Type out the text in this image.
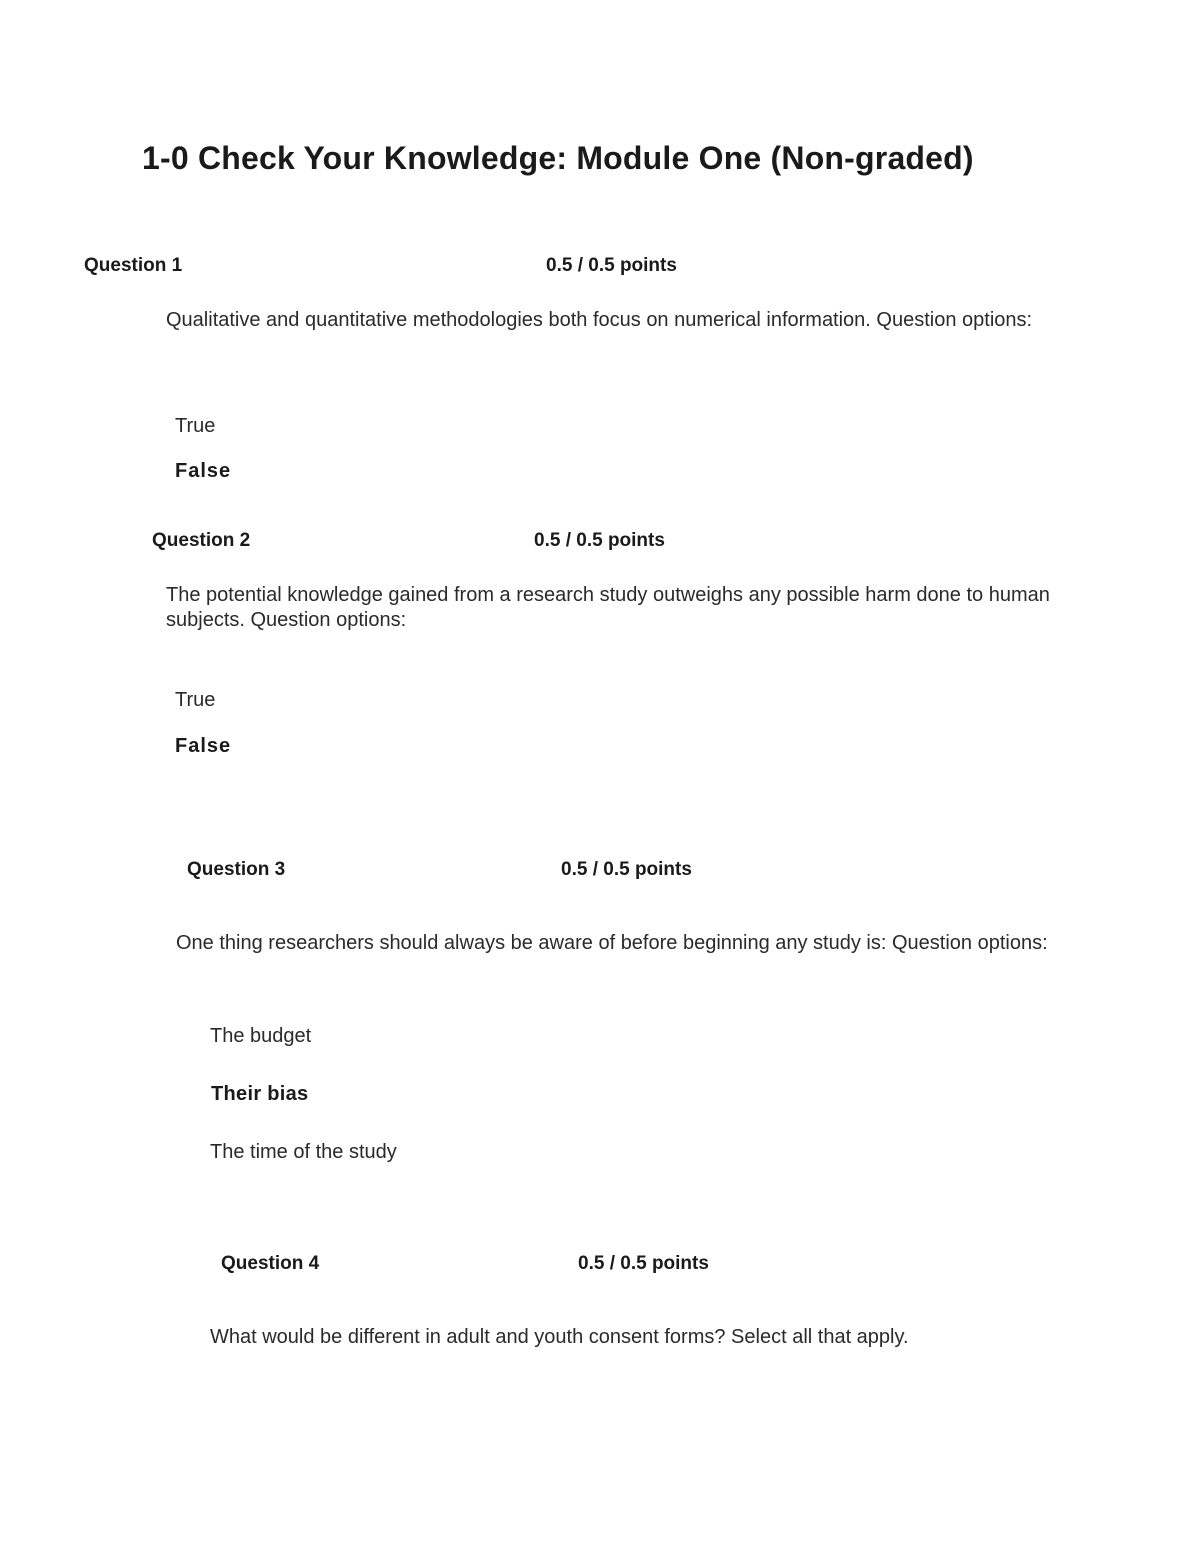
1-0 Check Your Knowledge: Module One (Non-graded)
Question 1	0.5 / 0.5 points
Qualitative and quantitative methodologies both focus on numerical information. Question options:
True
False
Question 2	0.5 / 0.5 points
The potential knowledge gained from a research study outweighs any possible harm done to human subjects. Question options:
True
False
Question 3	0.5 / 0.5 points
One thing researchers should always be aware of before beginning any study is: Question options:
The budget
Their bias
The time of the study
Question 4	0.5 / 0.5 points
What would be different in adult and youth consent forms? Select all that apply.
